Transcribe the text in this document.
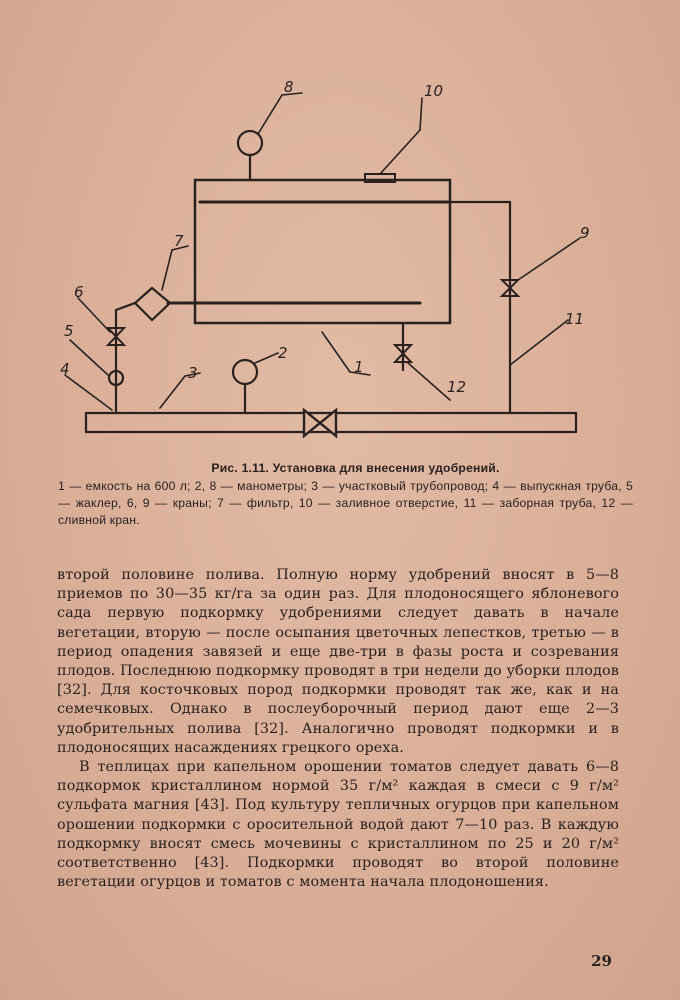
8	10
7	9
6
11
5
2
4	3	1
12
Рис. 1.11. Установка для внесения удобрений.
1 — емкость на 600 л; 2, 8 — манометры; 3 — участковый трубопровод; 4 — выпускная труба, 5 — жаклер, 6, 9 — краны; 7 — фильтр, 10 — заливное отверстие, 11 — заборная труба, 12 — сливной кран.

второй половине полива. Полную норму удобрений вносят в 5—8 приемов по 30—35 кг/га за один раз. Для плодоносящего яблоневого сада первую подкормку удобрениями следует давать в начале вегетации, вторую — после осыпания цветочных лепестков, третью — в период опадения завязей и еще две-три в фазы роста и созревания плодов. Последнюю подкормку проводят в три недели до уборки плодов [32]. Для косточковых пород подкормки проводят так же, как и на семечковых. Однако в послеуборочный период дают еще 2—3 удобрительных полива [32]. Аналогично проводят подкормки и в плодоносящих насаждениях грецкого ореха.

В теплицах при капельном орошении томатов следует давать 6—8 подкормок кристаллином нормой 35 г/м² каждая в смеси с 9 г/м² сульфата магния [43]. Под культуру тепличных огурцов при капельном орошении подкормки с оросительной водой дают 7—10 раз. В каждую подкормку вносят смесь мочевины с кристаллином по 25 и 20 г/м² соответственно [43]. Подкормки проводят во второй половине вегетации огурцов и томатов с момента начала плодоношения.

29
